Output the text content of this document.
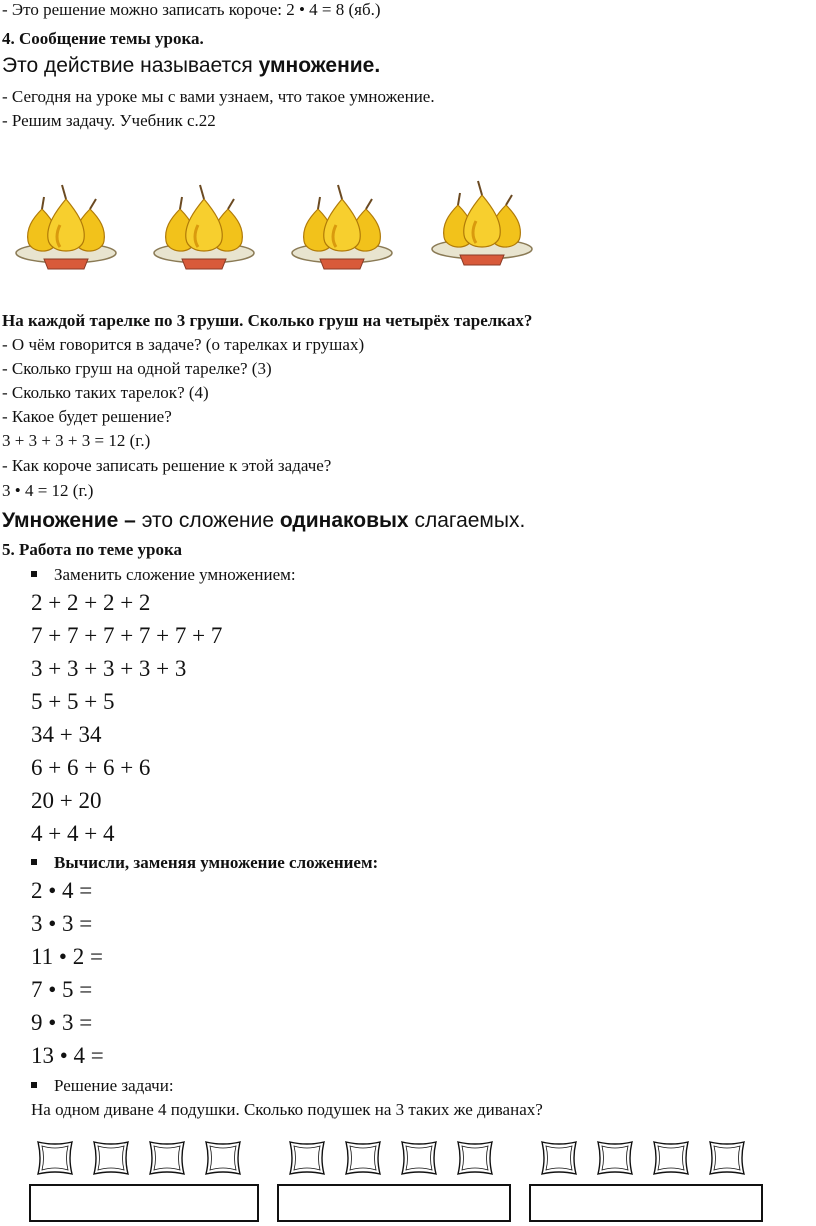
- Это решение можно записать короче: 2 • 4 = 8 (яб.)
4. Сообщение темы урока.
Это действие называется умножение.
- Сегодня на уроке мы с вами узнаем, что такое умножение.
- Решим задачу. Учебник с.22
На каждой тарелке по 3 груши. Сколько груш на четырёх тарелках?
- О чём говорится в задаче? (о тарелках и грушах)
- Сколько груш на одной тарелке? (3)
- Сколько таких тарелок? (4)
- Какое будет решение?
3 + 3 + 3 + 3 = 12 (г.)
- Как короче записать решение к этой задаче?
3 • 4 = 12 (г.)
Умножение – это сложение одинаковых слагаемых.
5. Работа по теме урока
Заменить сложение умножением:
2 + 2 + 2 + 2
7 + 7 + 7 + 7 + 7 + 7
3 + 3 + 3 + 3 + 3
5 + 5 + 5
34 + 34
6 + 6 + 6 + 6
20 + 20
4 + 4 + 4
Вычисли, заменяя умножение сложением:
2 • 4 =
3 • 3 =
11 • 2 =
7 • 5 =
9 • 3 =
13 • 4 =
Решение задачи:
На одном диване 4 подушки. Сколько подушек на 3 таких же диванах?
